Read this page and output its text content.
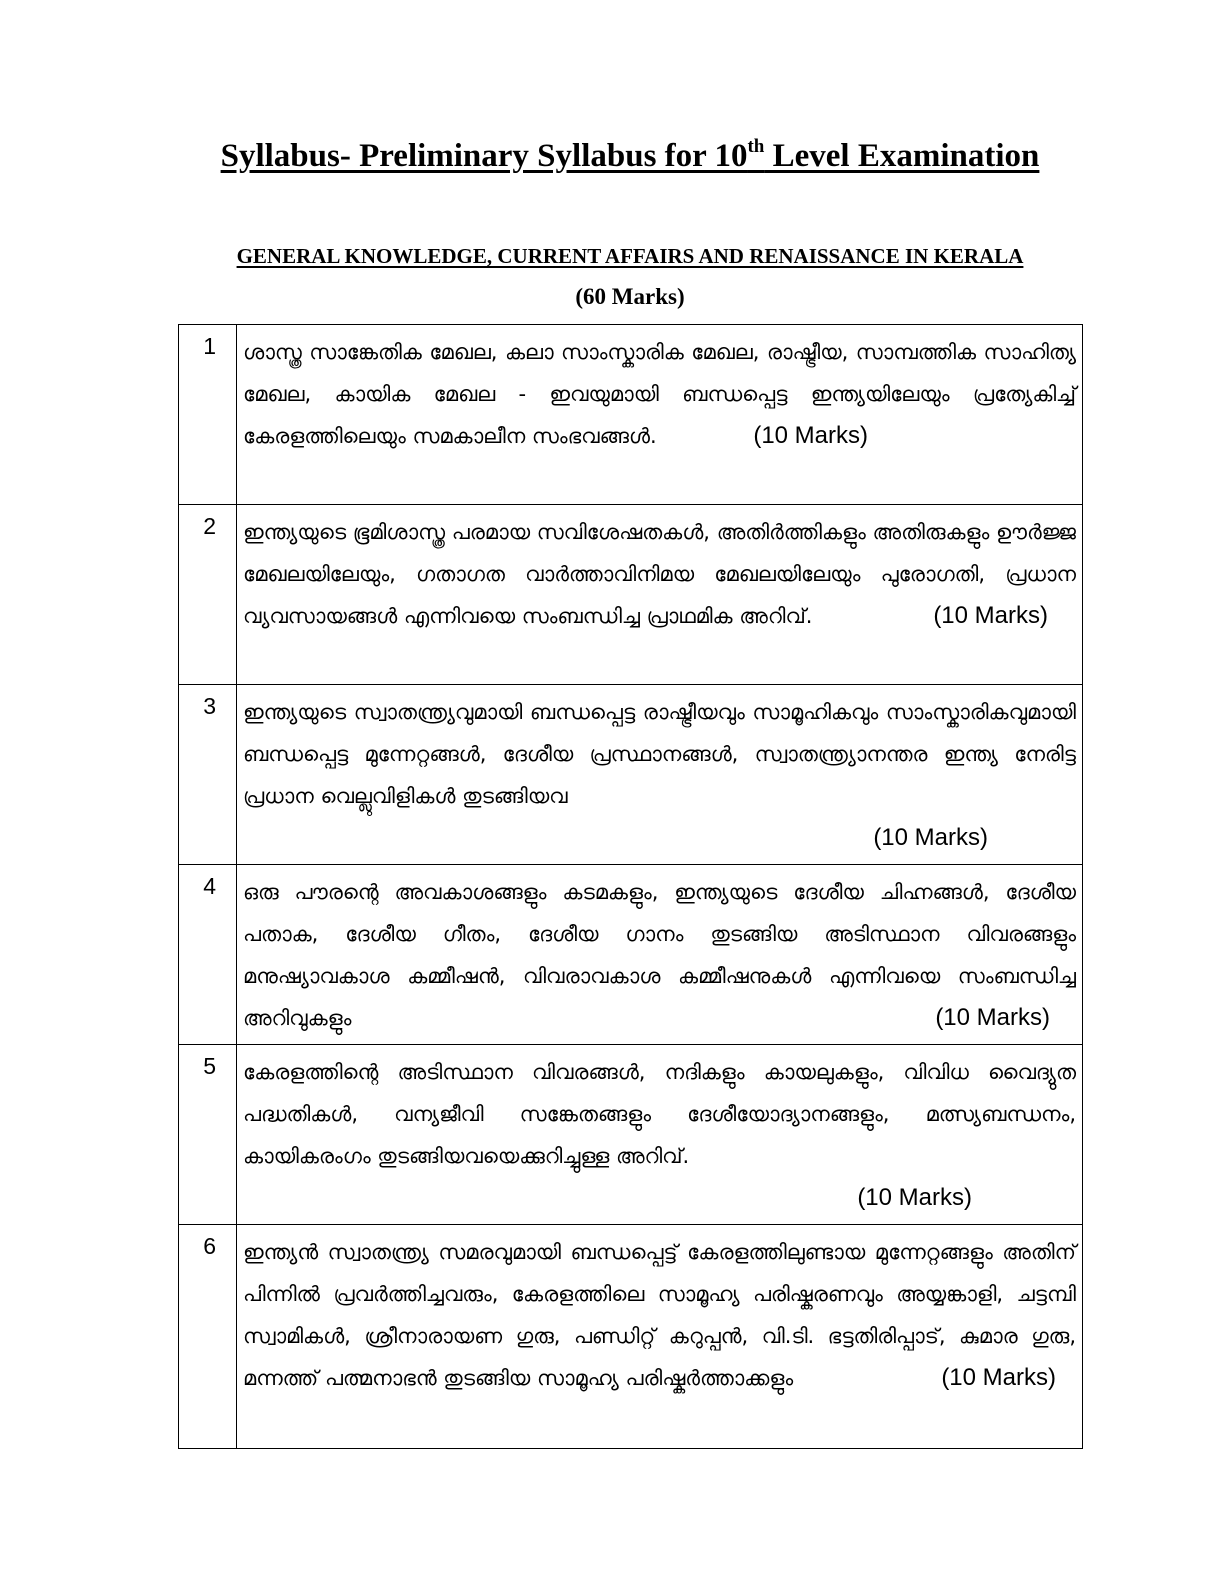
Syllabus- Preliminary Syllabus for 10th Level Examination
GENERAL KNOWLEDGE, CURRENT AFFAIRS AND RENAISSANCE IN KERALA
(60 Marks)
1	ശാസ്ത്ര സാങ്കേതിക മേഖല, കലാ സാംസ്കാരിക മേഖല, രാഷ്ട്രീയ, സാമ്പത്തിക സാഹിത്യ മേഖല, കായിക മേഖല - ഇവയുമായി ബന്ധപ്പെട്ട ഇന്ത്യയിലേയും പ്രത്യേകിച്ച് കേരളത്തിലെയും സമകാലീന സംഭവങ്ങൾ. (10 Marks)
2	ഇന്ത്യയുടെ ഭൂമിശാസ്ത്ര പരമായ സവിശേഷതകൾ, അതിർത്തികളും അതിരുകളും ഊർജ്ജ മേഖലയിലേയും, ഗതാഗത വാർത്താവിനിമയ മേഖലയിലേയും പുരോഗതി, പ്രധാന വ്യവസായങ്ങൾ എന്നിവയെ സംബന്ധിച്ച പ്രാഥമിക അറിവ്. (10 Marks)

3	ഇന്ത്യയുടെ സ്വാതന്ത്ര്യവുമായി ബന്ധപ്പെട്ട രാഷ്ട്രീയവും സാമൂഹികവും സാംസ്കാരികവുമായി ബന്ധപ്പെട്ട മുന്നേറ്റങ്ങൾ, ദേശീയ പ്രസ്ഥാനങ്ങൾ, സ്വാതന്ത്ര്യാനന്തര ഇന്ത്യ നേരിട്ട പ്രധാന വെല്ലുവിളികൾ തുടങ്ങിയവ
(10 Marks)

4	ഒരു പൗരന്റെ അവകാശങ്ങളും കടമകളും, ഇന്ത്യയുടെ ദേശീയ ചിഹ്നങ്ങൾ, ദേശീയ പതാക, ദേശീയ ഗീതം, ദേശീയ ഗാനം തുടങ്ങിയ അടിസ്ഥാന വിവരങ്ങളും മനുഷ്യാവകാശ കമ്മീഷൻ, വിവരാവകാശ കമ്മീഷനുകൾ എന്നിവയെ സംബന്ധിച്ച അറിവുകളും (10 Marks)

5	കേരളത്തിന്റെ അടിസ്ഥാന വിവരങ്ങൾ, നദികളും കായലുകളും, വിവിധ വൈദ്യുത പദ്ധതികൾ, വന്യജീവി സങ്കേതങ്ങളും ദേശീയോദ്യാനങ്ങളും, മത്സ്യബന്ധനം, കായികരംഗം തുടങ്ങിയവയെക്കുറിച്ചുള്ള അറിവ്.
(10 Marks)

6	ഇന്ത്യൻ സ്വാതന്ത്ര്യ സമരവുമായി ബന്ധപ്പെട്ട് കേരളത്തിലുണ്ടായ മുന്നേറ്റങ്ങളും അതിന് പിന്നിൽ പ്രവർത്തിച്ചവരും, കേരളത്തിലെ സാമൂഹ്യ പരിഷ്കരണവും അയ്യങ്കാളി, ചട്ടമ്പി സ്വാമികൾ, ശ്രീനാരായണ ഗുരു, പണ്ഡിറ്റ് കറുപ്പൻ, വി.ടി. ഭട്ടതിരിപ്പാട്, കുമാര ഗുരു, മന്നത്ത് പത്മനാഭൻ തുടങ്ങിയ സാമൂഹ്യ പരിഷ്കർത്താക്കളും (10 Marks)
